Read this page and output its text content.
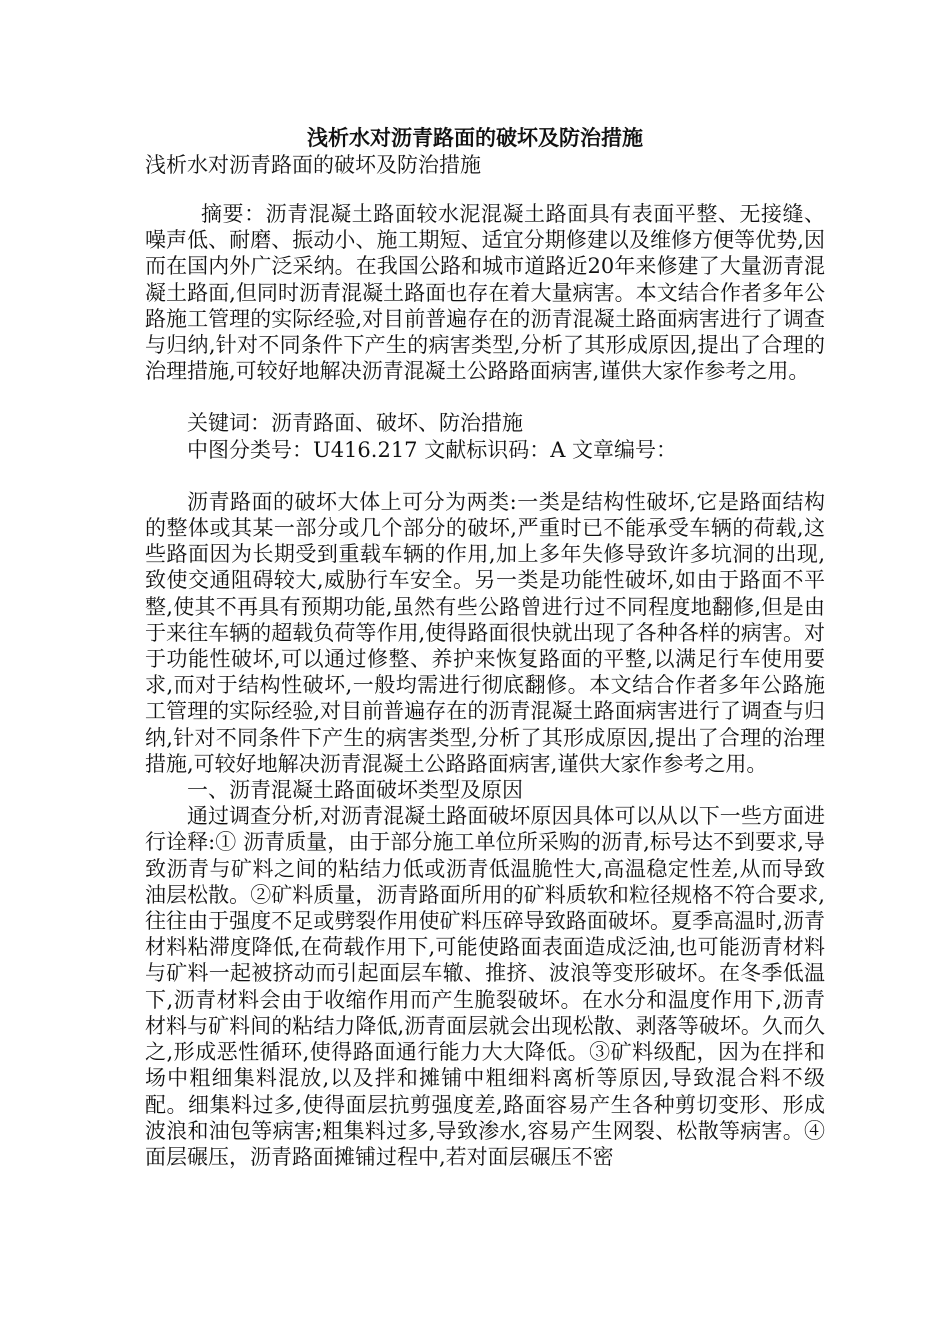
浅析水对沥青路面的破坏及防治措施

浅析水对沥青路面的破坏及防治措施

摘要：沥青混凝土路面较水泥混凝土路面具有表面平整、无接缝、噪声低、耐磨、振动小、施工期短、适宜分期修建以及维修方便等优势,因而在国内外广泛采纳。在我国公路和城市道路近20年来修建了大量沥青混凝土路面,但同时沥青混凝土路面也存在着大量病害。本文结合作者多年公路施工管理的实际经验,对目前普遍存在的沥青混凝土路面病害进行了调查与归纳,针对不同条件下产生的病害类型,分析了其形成原因,提出了合理的治理措施,可较好地解决沥青混凝土公路路面病害,谨供大家作参考之用。

关键词：沥青路面、破坏、防治措施

中图分类号：U416.217 文献标识码：A 文章编号：

沥青路面的破坏大体上可分为两类:一类是结构性破坏,它是路面结构的整体或其某一部分或几个部分的破坏,严重时已不能承受车辆的荷载,这些路面因为长期受到重载车辆的作用,加上多年失修导致许多坑洞的出现,致使交通阻碍较大,威胁行车安全。另一类是功能性破坏,如由于路面不平整,使其不再具有预期功能,虽然有些公路曾进行过不同程度地翻修,但是由于来往车辆的超载负荷等作用,使得路面很快就出现了各种各样的病害。对于功能性破坏,可以通过修整、养护来恢复路面的平整,以满足行车使用要求,而对于结构性破坏,一般均需进行彻底翻修。本文结合作者多年公路施工管理的实际经验,对目前普遍存在的沥青混凝土路面病害进行了调查与归纳,针对不同条件下产生的病害类型,分析了其形成原因,提出了合理的治理措施,可较好地解决沥青混凝土公路路面病害,谨供大家作参考之用。

一、沥青混凝土路面破坏类型及原因

通过调查分析,对沥青混凝土路面破坏原因具体可以从以下一些方面进行诠释:① 沥青质量，由于部分施工单位所采购的沥青,标号达不到要求,导致沥青与矿料之间的粘结力低或沥青低温脆性大,高温稳定性差,从而导致油层松散。②矿料质量，沥青路面所用的矿料质软和粒径规格不符合要求,往往由于强度不足或劈裂作用使矿料压碎导致路面破坏。夏季高温时,沥青材料粘滞度降低,在荷载作用下,可能使路面表面造成泛油,也可能沥青材料与矿料一起被挤动而引起面层车辙、推挤、波浪等变形破坏。在冬季低温下,沥青材料会由于收缩作用而产生脆裂破坏。在水分和温度作用下,沥青材料与矿料间的粘结力降低,沥青面层就会出现松散、剥落等破坏。久而久之,形成恶性循环,使得路面通行能力大大降低。③矿料级配，因为在拌和场中粗细集料混放,以及拌和摊铺中粗细料离析等原因,导致混合料不级配。细集料过多,使得面层抗剪强度差,路面容易产生各种剪切变形、形成波浪和油包等病害;粗集料过多,导致渗水,容易产生网裂、松散等病害。④面层碾压，沥青路面摊铺过程中,若对面层碾压不密
